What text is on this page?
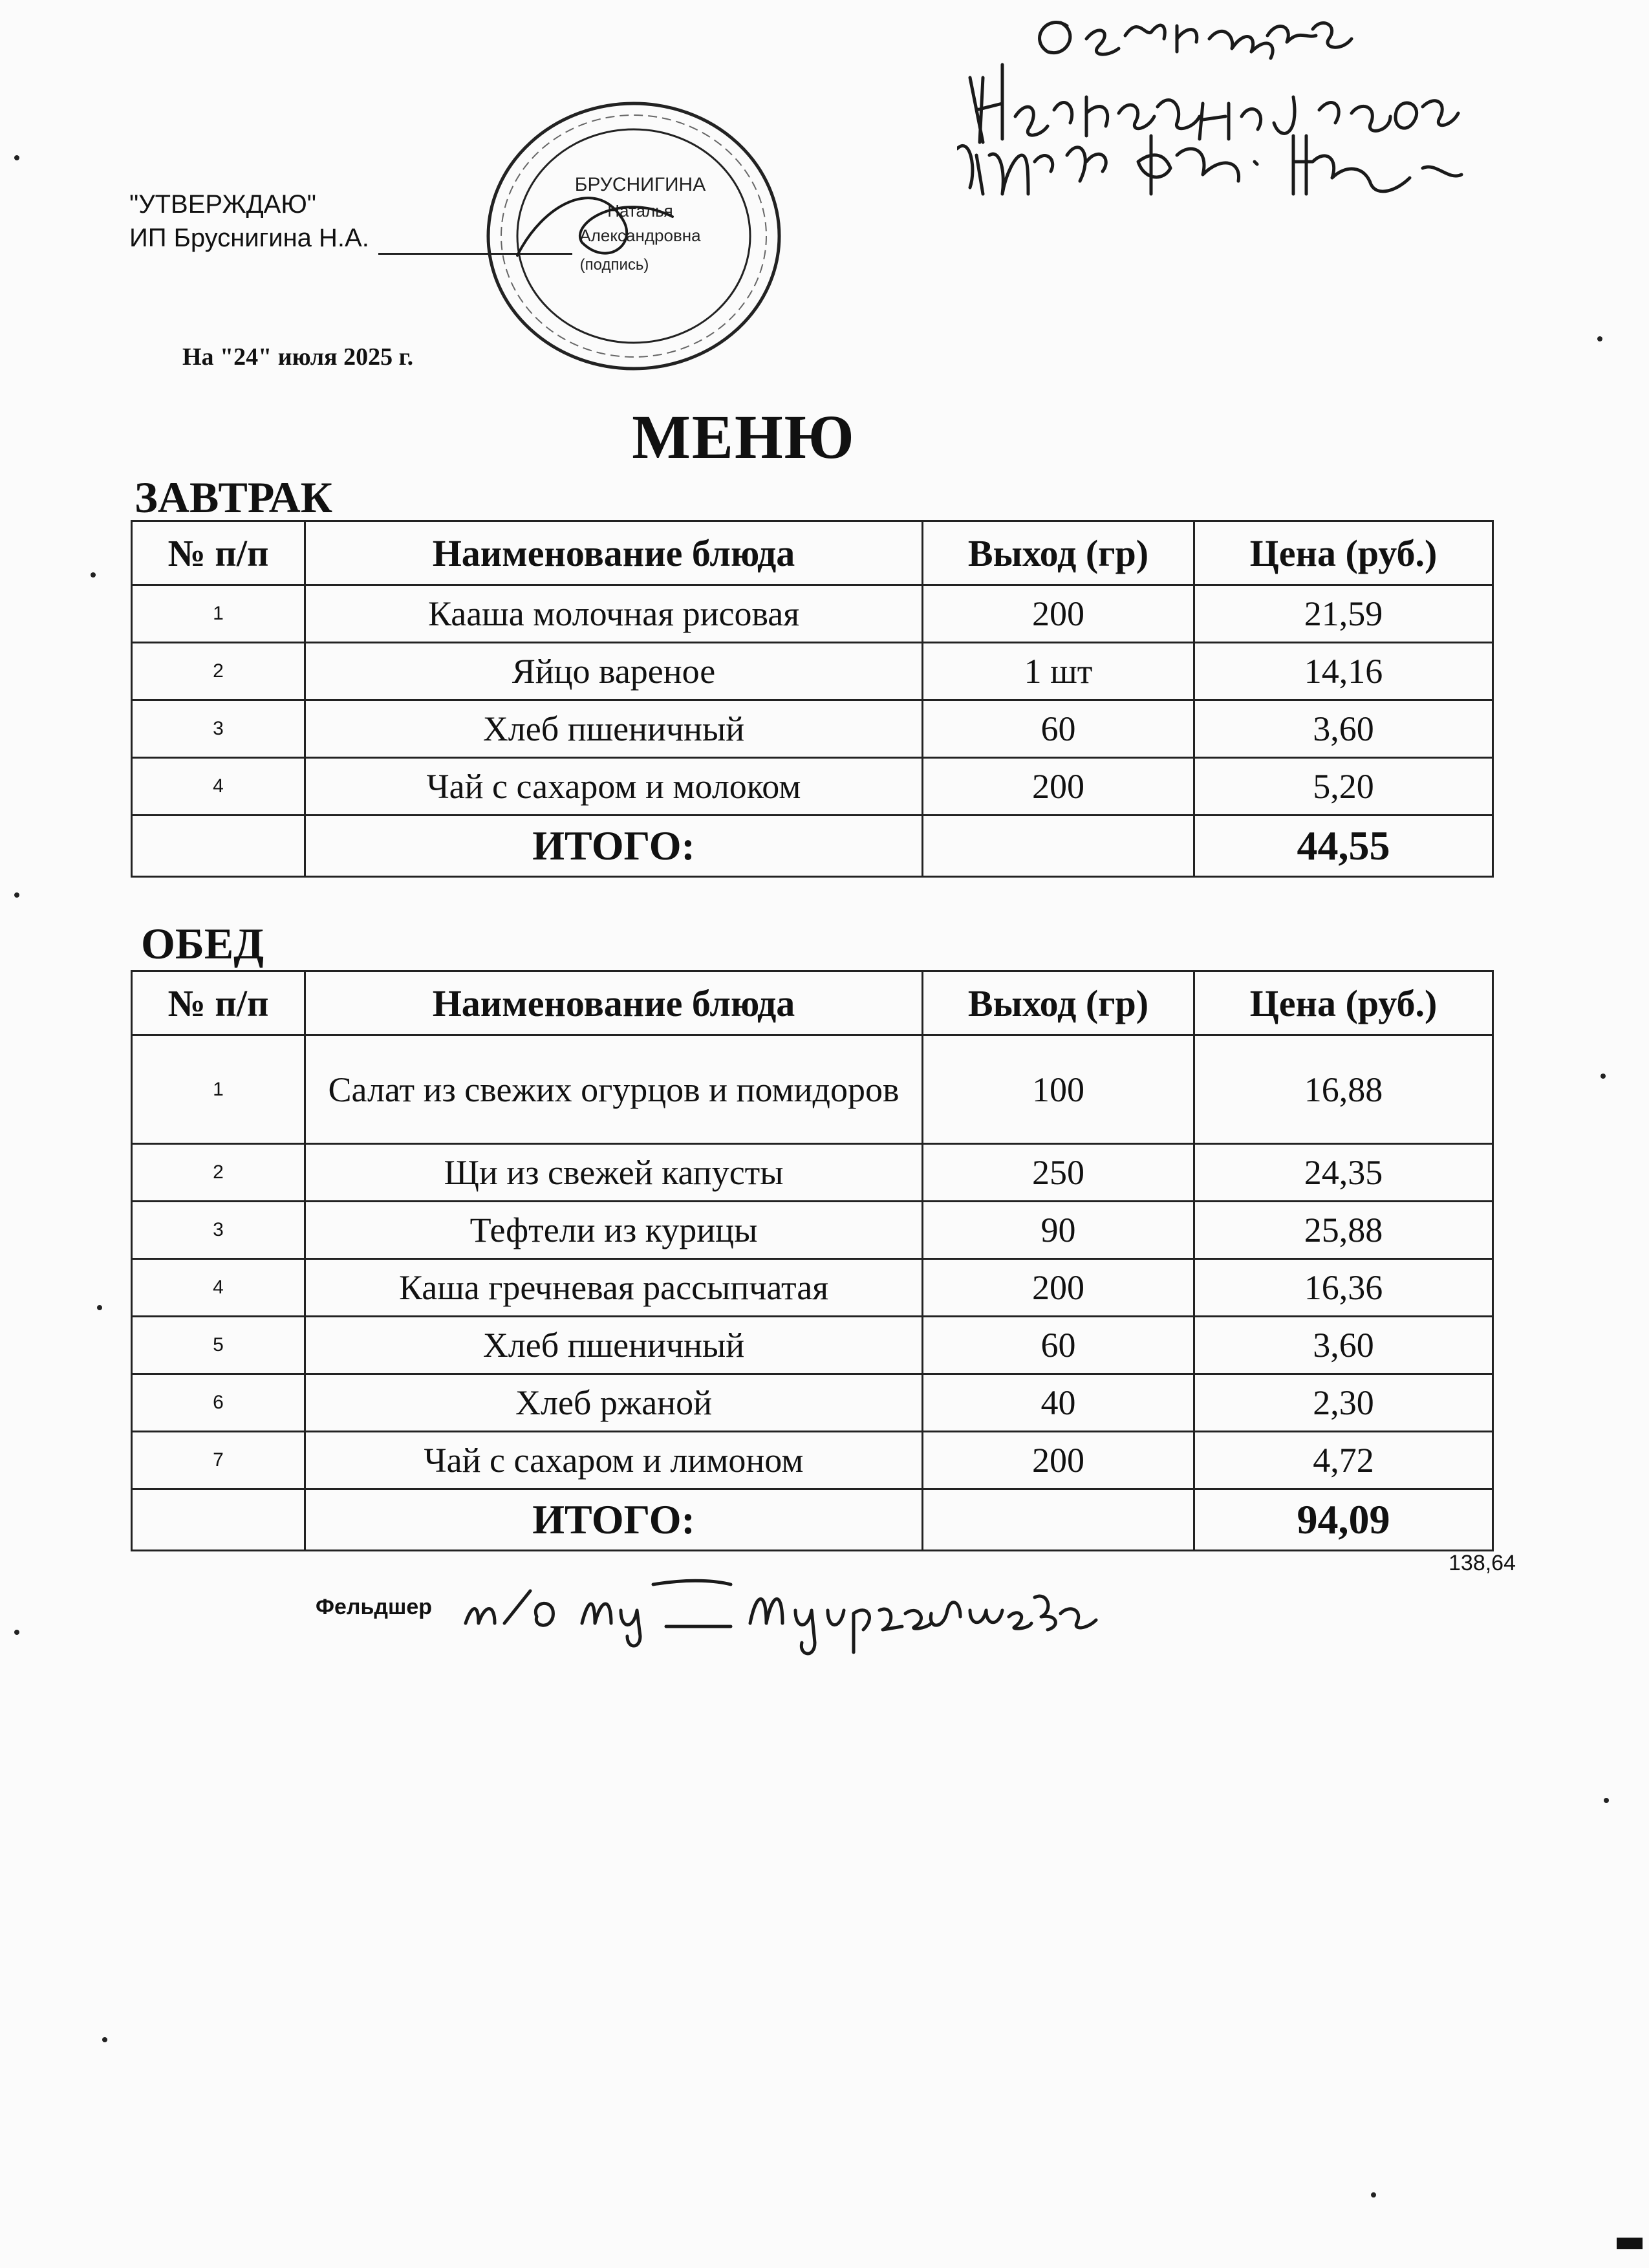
"УТВЕРЖДАЮ"
ИП Бруснигина Н.А.
БРУСНИГИНА
Наталья
Александровна
(подпись)
На "24" июля 2025 г.
МЕНЮ
ЗАВТРАК
№ п/п	Наименование блюда	Выход (гр)	Цена (руб.)
1	Кааша молочная рисовая	200	21,59
2	Яйцо вареное	1 шт	14,16
3	Хлеб пшеничный	60	3,60
4	Чай с сахаром и молоком	200	5,20
	ИТОГО:		44,55
ОБЕД
№ п/п	Наименование блюда	Выход (гр)	Цена (руб.)
1	Салат из свежих огурцов и помидоров	100	16,88
2	Щи из свежей капусты	250	24,35
3	Тефтели из курицы	90	25,88
4	Каша гречневая рассыпчатая	200	16,36
5	Хлеб пшеничный	60	3,60
6	Хлеб ржаной	40	2,30
7	Чай с сахаром и лимоном	200	4,72
	ИТОГО:		94,09
138,64
Фельдшер
